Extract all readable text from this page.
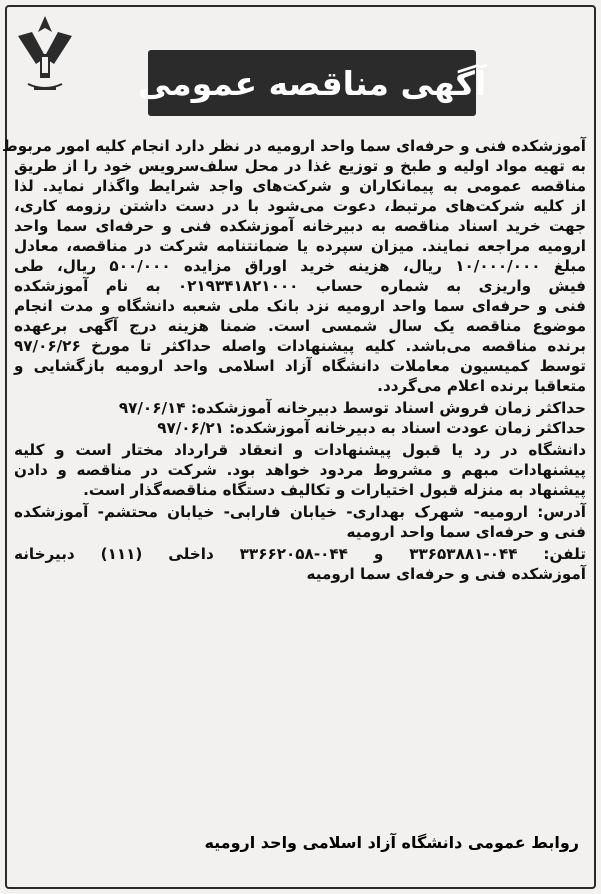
آگهی مناقصه عمومی

آموزشکده فنی و حرفه‌ای سما واحد ارومیه در نظر دارد انجام کلیه امور مربوط
به تهیه مواد اولیه و طبخ و توزیع غذا در محل سلف‌سرویس خود را از طریق
مناقصه عمومی به پیمانکاران و شرکت‌های واجد شرایط واگذار نماید. لذا
از کلیه شرکت‌های مرتبط، دعوت می‌شود با در دست داشتن رزومه کاری،
جهت خرید اسناد مناقصه به دبیرخانه آموزشکده فنی و حرفه‌ای سما واحد
ارومیه مراجعه نمایند. میزان سپرده یا ضمانتنامه شرکت در مناقصه، معادل
مبلغ ۱۰/۰۰۰/۰۰۰ ریال، هزینه خرید اوراق مزایده ۵۰۰/۰۰۰ ریال، طی
فیش واریزی به شماره حساب ۰۲۱۹۳۴۱۸۲۱۰۰۰ به نام آموزشکده
فنی و حرفه‌ای سما واحد ارومیه نزد بانک ملی شعبه دانشگاه و مدت انجام
موضوع مناقصه یک سال شمسی است. ضمنا هزینه درج آگهی برعهده
برنده مناقصه می‌باشد. کلیه پیشنهادات واصله حداکثر تا مورخ ۹۷/۰۶/۲۶
توسط کمیسیون معاملات دانشگاه آزاد اسلامی واحد ارومیه بازگشایی و
متعاقبا برنده اعلام می‌گردد.

حداکثر زمان فروش اسناد توسط دبیرخانه آموزشکده: ۹۷/۰۶/۱۴
حداکثر زمان عودت اسناد به دبیرخانه آموزشکده: ۹۷/۰۶/۲۱

دانشگاه در رد یا قبول پیشنهادات و انعقاد قرارداد مختار است و کلیه
پیشنهادات مبهم و مشروط مردود خواهد بود. شرکت در مناقصه و دادن
پیشنهاد به منزله قبول اختیارات و تکالیف دستگاه مناقصه‌گذار است.

آدرس: ارومیه- شهرک بهداری- خیابان فارابی- خیابان محتشم- آموزشکده
فنی و حرفه‌ای سما واحد ارومیه

تلفن: ۰۴۴-۳۳۶۵۳۸۸۱ و ۰۴۴-۳۳۶۶۲۰۵۸ داخلی (۱۱۱) دبیرخانه
آموزشکده فنی و حرفه‌ای سما ارومیه

روابط عمومی دانشگاه آزاد اسلامی واحد ارومیه
